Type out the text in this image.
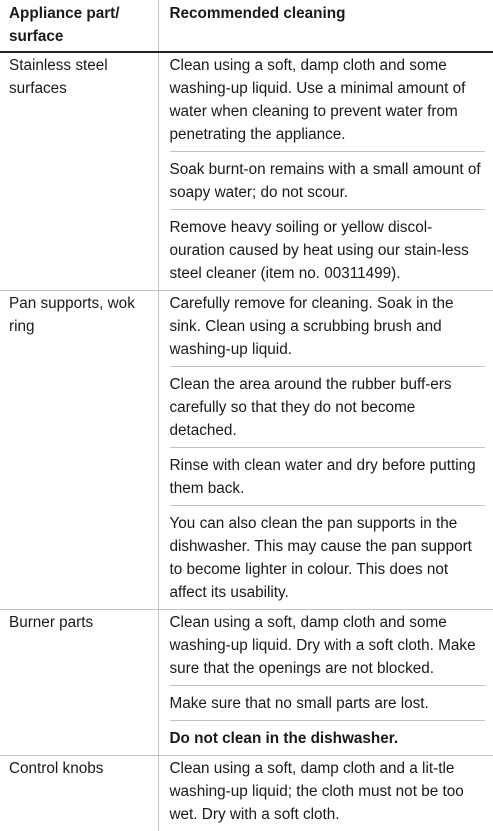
Appliance part/ surface	Recommended cleaning
Stainless steel surfaces	Clean using a soft, damp cloth and some washing-up liquid. Use a minimal amount of water when cleaning to prevent water from penetrating the appliance.
Soak burnt-on remains with a small amount of soapy water; do not scour.
Remove heavy soiling or yellow discol-ouration caused by heat using our stain-less steel cleaner (item no. 00311499).

Pan supports, wok ring	Carefully remove for cleaning. Soak in the sink. Clean using a scrubbing brush and washing-up liquid.
Clean the area around the rubber buff-ers carefully so that they do not become detached.
Rinse with clean water and dry before putting them back.
You can also clean the pan supports in the dishwasher. This may cause the pan support to become lighter in colour. This does not affect its usability.

Burner parts	Clean using a soft, damp cloth and some washing-up liquid. Dry with a soft cloth. Make sure that the openings are not blocked.
Make sure that no small parts are lost.
Do not clean in the dishwasher.

Control knobs	Clean using a soft, damp cloth and a lit-tle washing-up liquid; the cloth must not be too wet. Dry with a soft cloth.
